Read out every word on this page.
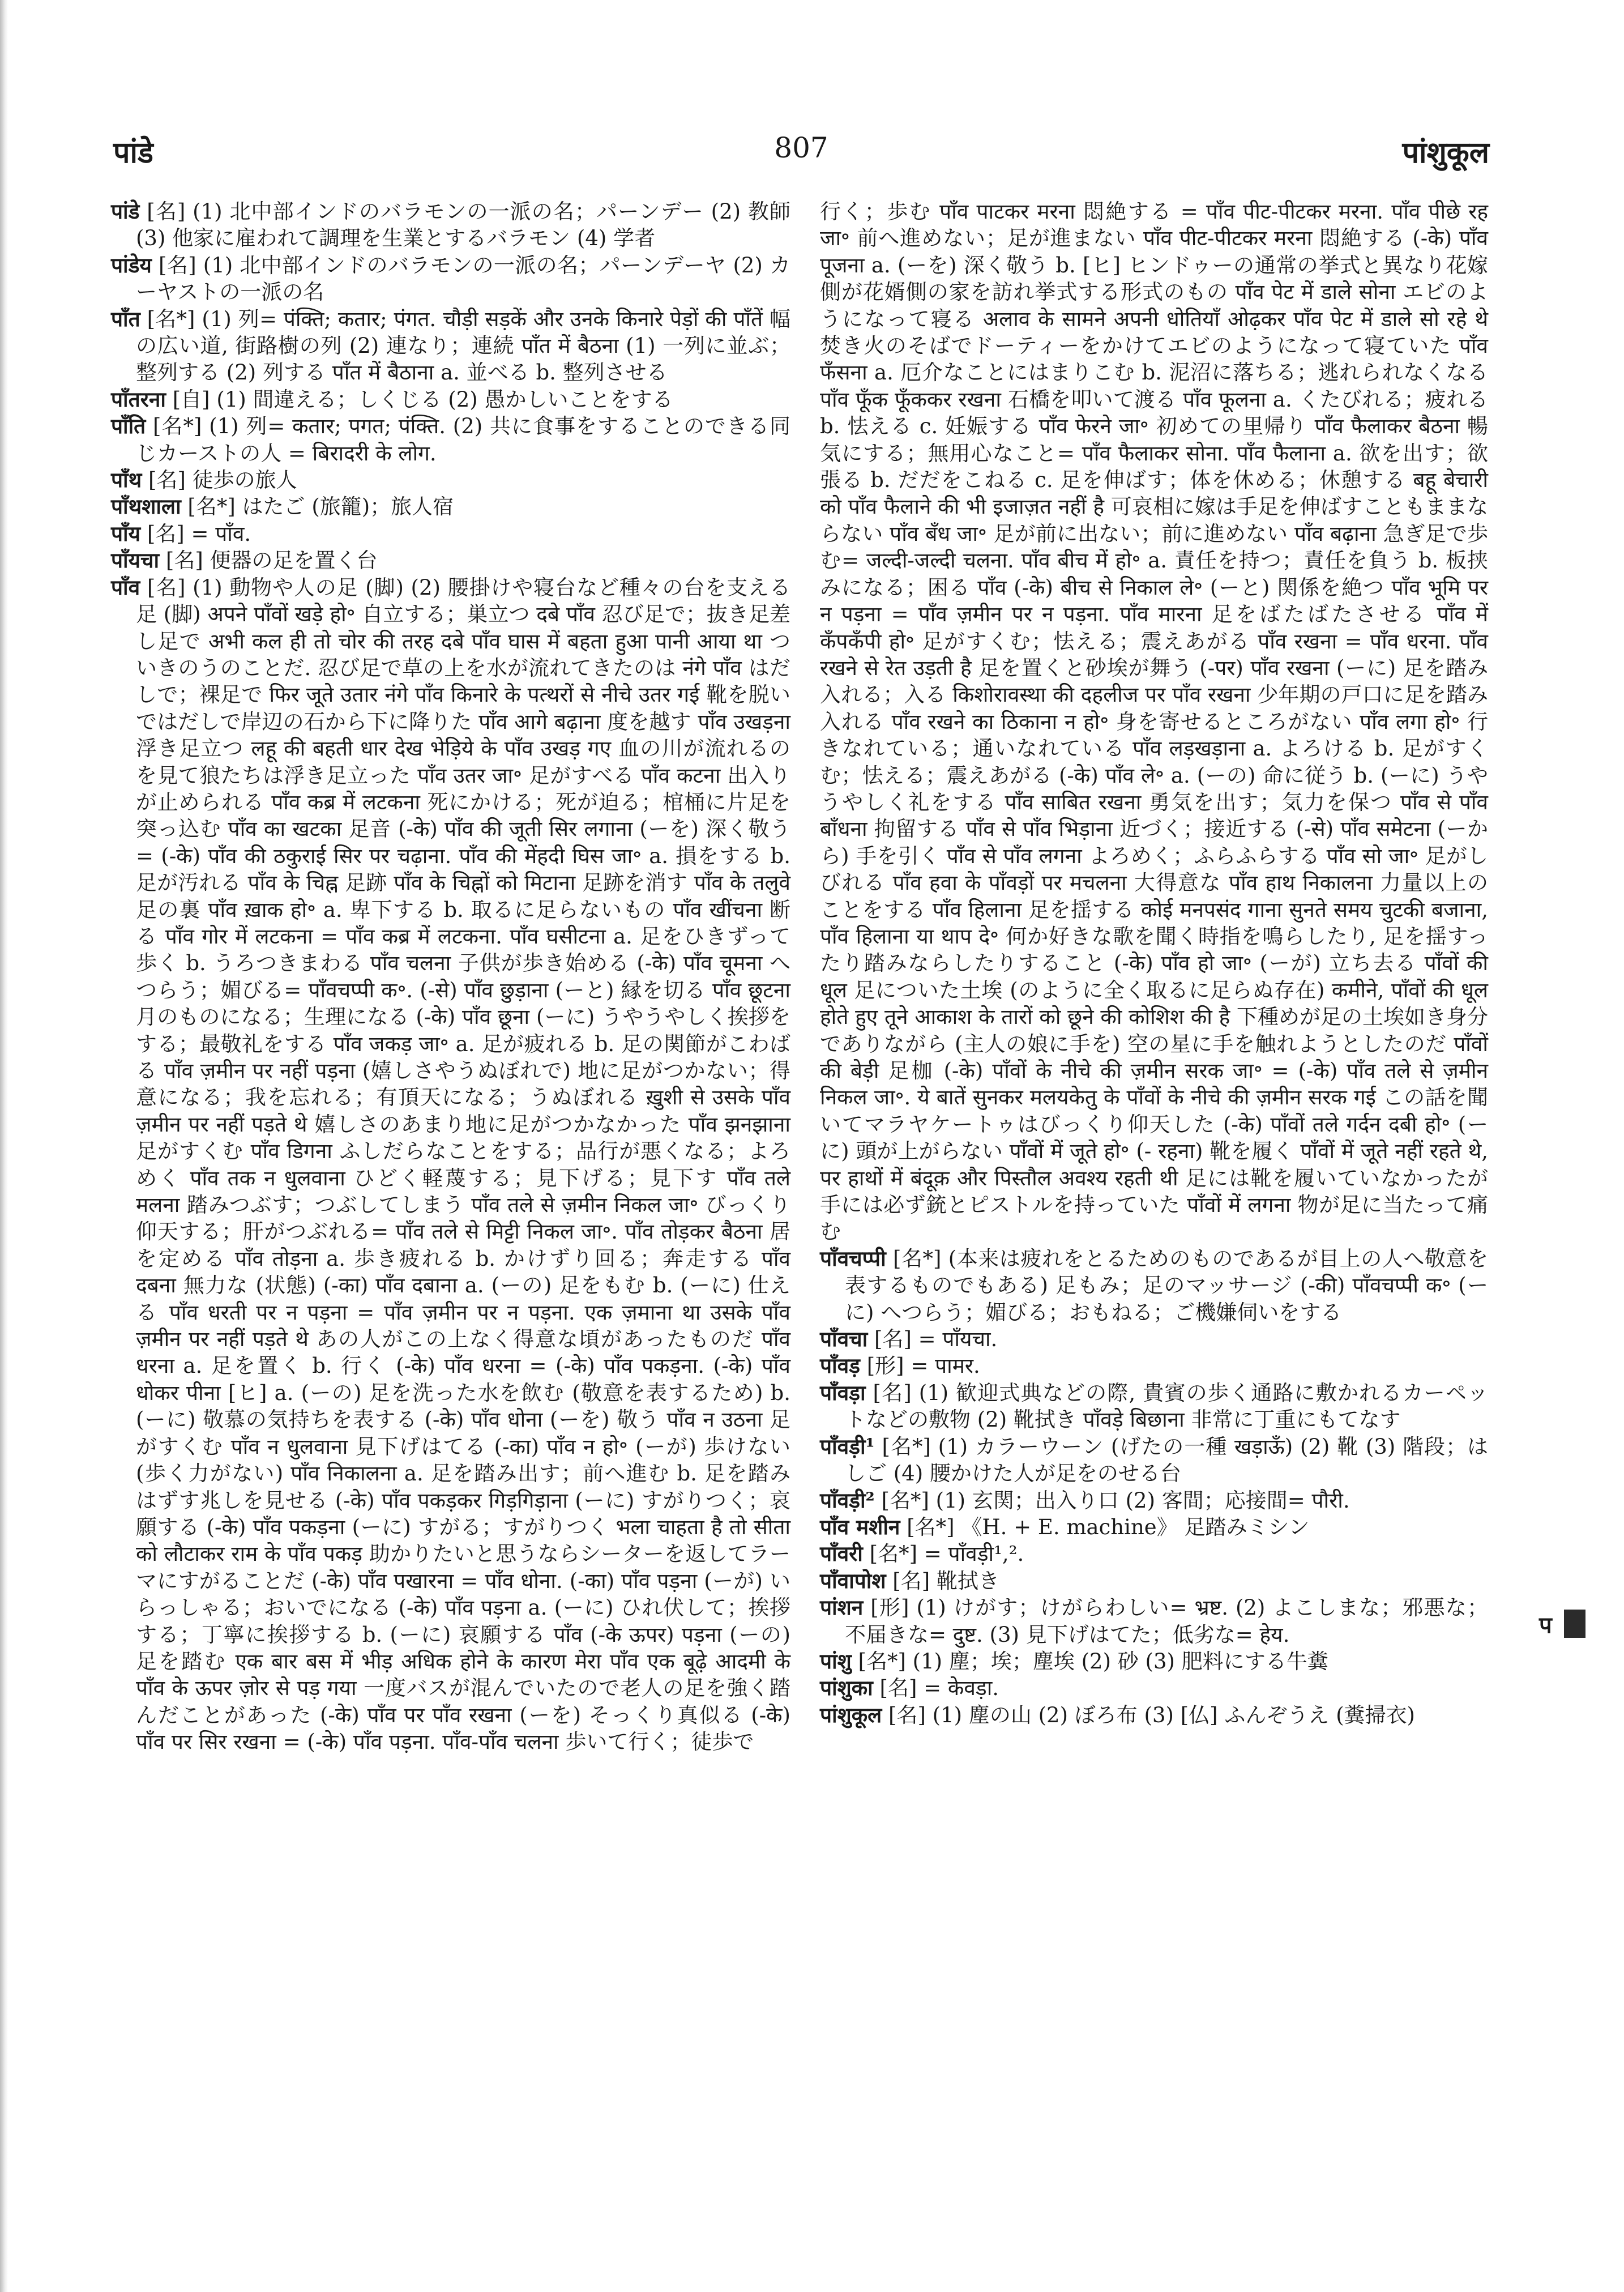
पांडे	807	पांशुकूल

पांडे [名] (1) 北中部インドのバラモンの一派の名；パーンデー (2) 教師 (3) 他家に雇われて調理を生業とするバラモン (4) 学者

पांडेय [名] (1) 北中部インドのバラモンの一派の名；パーンデーヤ (2) カーヤストの一派の名

पाँत [名*] (1) 列= पंक्ति; कतार; पंगत. चौड़ी सड़कें और उनके किनारे पेड़ों की पाँतें 幅の広い道, 街路樹の列 (2) 連なり；連続 पाँत में बैठना (1) 一列に並ぶ；整列する (2) 列する पाँत में बैठाना a. 並べる b. 整列させる

पाँतरना [自] (1) 間違える；しくじる (2) 愚かしいことをする

पाँति [名*] (1) 列= कतार; पगत; पंक्ति. (2) 共に食事をすることのできる同じカーストの人 = बिरादरी के लोग.

पाँथ [名] 徒歩の旅人

पाँथशाला [名*] はたご (旅籠)；旅人宿

पाँय [名] = पाँव.

पाँयचा [名] 便器の足を置く台

पाँव [名] (1) 動物や人の足 (脚) (2) 腰掛けや寝台など種々の台を支える足 (脚) अपने पाँवों खड़े हो॰ 自立する；巣立つ दबे पाँव 忍び足で；抜き足差し足で अभी कल ही तो चोर की तरह दबे पाँव घास में बहता हुआ पानी आया था ついきのうのことだ. 忍び足で草の上を水が流れてきたのは नंगे पाँव はだしで；裸足で फिर जूते उतार नंगे पाँव किनारे के पत्थरों से नीचे उतर गई 靴を脱いではだしで岸辺の石から下に降りた पाँव आगे बढ़ाना 度を越す पाँव उखड़ना 浮き足立つ लहू की बहती धार देख भेड़िये के पाँव उखड़ गए 血の川が流れるのを見て狼たちは浮き足立った पाँव उतर जा॰ 足がすべる पाँव कटना 出入りが止められる पाँव कब्र में लटकना 死にかける；死が迫る；棺桶に片足を突っ込む पाँव का खटका 足音 (-के) पाँव की जूती सिर लगाना (ーを) 深く敬う= (-के) पाँव की ठकुराई सिर पर चढ़ाना. पाँव की मेंहदी घिस जा॰ a. 損をする b. 足が汚れる पाँव के चिह्न 足跡 पाँव के चिह्नों को मिटाना 足跡を消す पाँव के तलुवे 足の裏 पाँव ख़ाक हो॰ a. 卑下する b. 取るに足らないもの पाँव खींचना 断る पाँव गोर में लटकना = पाँव कब्र में लटकना. पाँव घसीटना a. 足をひきずって歩く b. うろつきまわる पाँव चलना 子供が歩き始める (-के) पाँव चूमना へつらう；媚びる= पाँवचप्पी क॰. (-से) पाँव छुड़ाना (ーと) 縁を切る पाँव छूटना 月のものになる；生理になる (-के) पाँव छूना (ーに) うやうやしく挨拶をする；最敬礼をする पाँव जकड़ जा॰ a. 足が疲れる b. 足の関節がこわばる पाँव ज़मीन पर नहीं पड़ना (嬉しさやうぬぼれで) 地に足がつかない；得意になる；我を忘れる；有頂天になる；うぬぼれる ख़ुशी से उसके पाँव ज़मीन पर नहीं पड़ते थे 嬉しさのあまり地に足がつかなかった पाँव झनझाना 足がすくむ पाँव डिगना ふしだらなことをする；品行が悪くなる；よろめく पाँव तक न धुलवाना ひどく軽蔑する；見下げる；見下す पाँव तले मलना 踏みつぶす；つぶしてしまう पाँव तले से ज़मीन निकल जा॰ びっくり仰天する；肝がつぶれる= पाँव तले से मिट्टी निकल जा॰. पाँव तोड़कर बैठना 居を定める पाँव तोड़ना a. 歩き疲れる b. かけずり回る；奔走する पाँव दबना 無力な (状態) (-का) पाँव दबाना a. (ーの) 足をもむ b. (ーに) 仕える पाँव धरती पर न पड़ना = पाँव ज़मीन पर न पड़ना. एक ज़माना था उसके पाँव ज़मीन पर नहीं पड़ते थे あの人がこの上なく得意な頃があったものだ पाँव धरना a. 足を置く b. 行く (-के) पाँव धरना = (-के) पाँव पकड़ना. (-के) पाँव धोकर पीना [ヒ] a. (ーの) 足を洗った水を飲む (敬意を表するため) b. (ーに) 敬慕の気持ちを表する (-के) पाँव धोना (ーを) 敬う पाँव न उठना 足がすくむ पाँव न धुलवाना 見下げはてる (-का) पाँव न हो॰ (ーが) 歩けない (歩く力がない) पाँव निकालना a. 足を踏み出す；前へ進む b. 足を踏みはずす兆しを見せる (-के) पाँव पकड़कर गिड़गिड़ाना (ーに) すがりつく；哀願する (-के) पाँव पकड़ना (ーに) すがる；すがりつく भला चाहता है तो सीता को लौटाकर राम के पाँव पकड़ 助かりたいと思うならシーターを返してラーマにすがることだ (-के) पाँव पखारना = पाँव धोना. (-का) पाँव पड़ना (ーが) いらっしゃる；おいでになる (-के) पाँव पड़ना a. (ーに) ひれ伏して；挨拶する；丁寧に挨拶する b. (ーに) 哀願する पाँव (-के ऊपर) पड़ना (ーの) 足を踏む एक बार बस में भीड़ अधिक होने के कारण मेरा पाँव एक बूढ़े आदमी के पाँव के ऊपर ज़ोर से पड़ गया 一度バスが混んでいたので老人の足を強く踏んだことがあった (-के) पाँव पर पाँव रखना (ーを) そっくり真似る (-के) पाँव पर सिर रखना = (-के) पाँव पड़ना. पाँव-पाँव चलना 歩いて行く；徒歩で

行く；歩む पाँव पाटकर मरना 悶絶する = पाँव पीट-पीटकर मरना. पाँव पीछे रह जा॰ 前へ進めない；足が進まない पाँव पीट-पीटकर मरना 悶絶する (-के) पाँव पूजना a. (ーを) 深く敬う b. [ヒ] ヒンドゥーの通常の挙式と異なり花嫁側が花婿側の家を訪れ挙式する形式のもの पाँव पेट में डाले सोना エビのようになって寝る अलाव के सामने अपनी धोतियाँ ओढ़कर पाँव पेट में डाले सो रहे थे 焚き火のそばでドーティーをかけてエビのようになって寝ていた पाँव फँसना a. 厄介なことにはまりこむ b. 泥沼に落ちる；逃れられなくなる पाँव फूँक फूँककर रखना 石橋を叩いて渡る पाँव फूलना a. くたびれる；疲れる b. 怯える c. 妊娠する पाँव फेरने जा॰ 初めての里帰り पाँव फैलाकर बैठना 暢気にする；無用心なこと= पाँव फैलाकर सोना. पाँव फैलाना a. 欲を出す；欲張る b. だだをこねる c. 足を伸ばす；体を休める；休憩する बहू बेचारी को पाँव फैलाने की भी इजाज़त नहीं है 可哀相に嫁は手足を伸ばすこともままならない पाँव बँध जा॰ 足が前に出ない；前に進めない पाँव बढ़ाना 急ぎ足で歩む= जल्दी-जल्दी चलना. पाँव बीच में हो॰ a. 責任を持つ；責任を負う b. 板挟みになる；困る पाँव (-के) बीच से निकाल ले॰ (ーと) 関係を絶つ पाँव भूमि पर न पड़ना = पाँव ज़मीन पर न पड़ना. पाँव मारना 足をばたばたさせる पाँव में कँपकँपी हो॰ 足がすくむ；怯える；震えあがる पाँव रखना = पाँव धरना. पाँव रखने से रेत उड़ती है 足を置くと砂埃が舞う (-पर) पाँव रखना (ーに) 足を踏み入れる；入る किशोरावस्था की दहलीज पर पाँव रखना 少年期の戸口に足を踏み入れる पाँव रखने का ठिकाना न हो॰ 身を寄せるところがない पाँव लगा हो॰ 行きなれている；通いなれている पाँव लड़खड़ाना a. よろける b. 足がすくむ；怯える；震えあがる (-के) पाँव ले॰ a. (ーの) 命に従う b. (ーに) うやうやしく礼をする पाँव साबित रखना 勇気を出す；気力を保つ पाँव से पाँव बाँधना 拘留する पाँव से पाँव भिड़ाना 近づく；接近する (-से) पाँव समेटना (ーから) 手を引く पाँव से पाँव लगना よろめく；ふらふらする पाँव सो जा॰ 足がしびれる पाँव हवा के पाँवड़ों पर मचलना 大得意な पाँव हाथ निकालना 力量以上のことをする पाँव हिलाना 足を揺する कोई मनपसंद गाना सुनते समय चुटकी बजाना, पाँव हिलाना या थाप दे॰ 何か好きな歌を聞く時指を鳴らしたり, 足を揺すったり踏みならしたりすること (-के) पाँव हो जा॰ (ーが) 立ち去る पाँवों की धूल 足についた土埃 (のように全く取るに足らぬ存在) कमीने, पाँवों की धूल होते हुए तूने आकाश के तारों को छूने की कोशिश की है 下種めが足の土埃如き身分でありながら (主人の娘に手を) 空の星に手を触れようとしたのだ पाँवों की बेड़ी 足枷 (-के) पाँवों के नीचे की ज़मीन सरक जा॰ = (-के) पाँव तले से ज़मीन निकल जा॰. ये बातें सुनकर मलयकेतु के पाँवों के नीचे की ज़मीन सरक गई この話を聞いてマラヤケートゥはびっくり仰天した (-के) पाँवों तले गर्दन दबी हो॰ (ーに) 頭が上がらない पाँवों में जूते हो॰ (- रहना) 靴を履く पाँवों में जूते नहीं रहते थे, पर हाथों में बंदूक़ और पिस्तौल अवश्य रहती थी 足には靴を履いていなかったが手には必ず銃とピストルを持っていた पाँवों में लगना 物が足に当たって痛む

पाँवचप्पी [名*] (本来は疲れをとるためのものであるが目上の人へ敬意を表するものでもある) 足もみ；足のマッサージ (-की) पाँवचप्पी क॰ (ーに) へつらう；媚びる；おもねる；ご機嫌伺いをする

पाँवचा [名] = पाँयचा.

पाँवड़ [形] = पामर.

पाँवड़ा [名] (1) 歓迎式典などの際, 貴賓の歩く通路に敷かれるカーペットなどの敷物 (2) 靴拭き पाँवड़े बिछाना 非常に丁重にもてなす

पाँवड़ी¹ [名*] (1) カラーウーン (げたの一種 खड़ाऊँ) (2) 靴 (3) 階段；はしご (4) 腰かけた人が足をのせる台

पाँवड़ी² [名*] (1) 玄関；出入り口 (2) 客間；応接間= पौरी.

पाँव मशीन [名*] 《H. + E. machine》 足踏みミシン

पाँवरी [名*] = पाँवड़ी¹,².

पाँवापोश [名] 靴拭き

पांशन [形] (1) けがす；けがらわしい= भ्रष्ट. (2) よこしまな；邪悪な；不届きな= दुष्ट. (3) 見下げはてた；低劣な= हेय.

पांशु [名*] (1) 塵；埃；塵埃 (2) 砂 (3) 肥料にする牛糞

पांशुका [名] = केवड़ा.

पांशुकूल [名] (1) 塵の山 (2) ぼろ布 (3) [仏] ふんぞうえ (糞掃衣)

प
